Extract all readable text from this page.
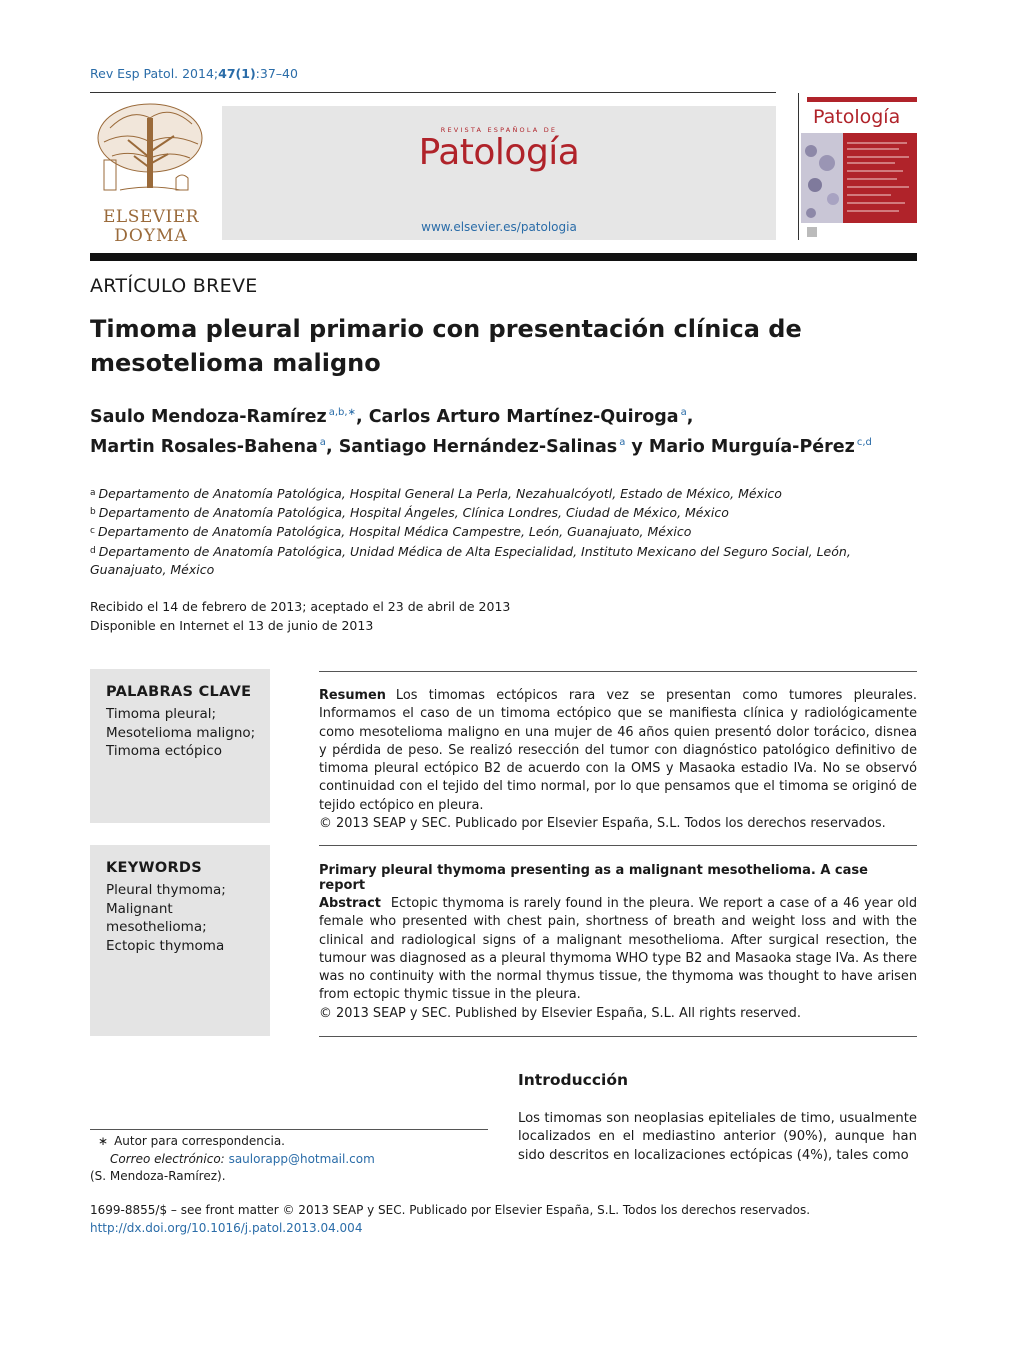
Rev Esp Patol. 2014;47(1):37–40
ELSEVIER
DOYMA
REVISTA ESPAÑOLA DE
Patología
www.elsevier.es/patologia
Patología
ARTÍCULO BREVE
Timoma pleural primario con presentación clínica de mesotelioma maligno
Saulo Mendoza-Ramírez $^{a,b,∗}$, Carlos Arturo Martínez-Quiroga $^a$,
Martin Rosales-Bahena $^a$, Santiago Hernández-Salinas $^a$ y Mario Murguía-Pérez $^{c,d}$
$^a$ Departamento de Anatomía Patológica, Hospital General La Perla, Nezahualcóyotl, Estado de México, México
$^b$ Departamento de Anatomía Patológica, Hospital Ángeles, Clínica Londres, Ciudad de México, México
$^c$ Departamento de Anatomía Patológica, Hospital Médica Campestre, León, Guanajuato, México
$^d$ Departamento de Anatomía Patológica, Unidad Médica de Alta Especialidad, Instituto Mexicano del Seguro Social, León, Guanajuato, México
Recibido el 14 de febrero de 2013; aceptado el 23 de abril de 2013
Disponible en Internet el 13 de junio de 2013
PALABRAS CLAVE
Timoma pleural;
Mesotelioma maligno;
Timoma ectópico
KEYWORDS
Pleural thymoma;
Malignant
mesothelioma;
Ectopic thymoma
Resumen Los timomas ectópicos rara vez se presentan como tumores pleurales. Informamos el caso de un timoma ectópico que se manifiesta clínica y radiológicamente como mesotelioma maligno en una mujer de 46 años quien presentó dolor torácico, disnea y pérdida de peso. Se realizó resección del tumor con diagnóstico patológico definitivo de timoma pleural ectópico B2 de acuerdo con la OMS y Masaoka estadio IVa. No se observó continuidad con el tejido del timo normal, por lo que pensamos que el timoma se originó de tejido ectópico en pleura.
© 2013 SEAP y SEC. Publicado por Elsevier España, S.L. Todos los derechos reservados.
Primary pleural thymoma presenting as a malignant mesothelioma. A case report
Abstract Ectopic thymoma is rarely found in the pleura. We report a case of a 46 year old female who presented with chest pain, shortness of breath and weight loss and with the clinical and radiological signs of a malignant mesothelioma. After surgical resection, the tumour was diagnosed as a pleural thymoma WHO type B2 and Masaoka stage IVa. As there was no continuity with the normal thymus tissue, the thymoma was thought to have arisen from ectopic thymic tissue in the pleura.
© 2013 SEAP y SEC. Published by Elsevier España, S.L. All rights reserved.
Introducción
Los timomas son neoplasias epiteliales de timo, usualmente localizados en el mediastino anterior (90%), aunque han sido descritos en localizaciones ectópicas (4%), tales como
∗ Autor para correspondencia.
Correo electrónico: saulorapp@hotmail.com
(S. Mendoza-Ramírez).
1699-8855/$ – see front matter © 2013 SEAP y SEC. Publicado por Elsevier España, S.L. Todos los derechos reservados.
http://dx.doi.org/10.1016/j.patol.2013.04.004
